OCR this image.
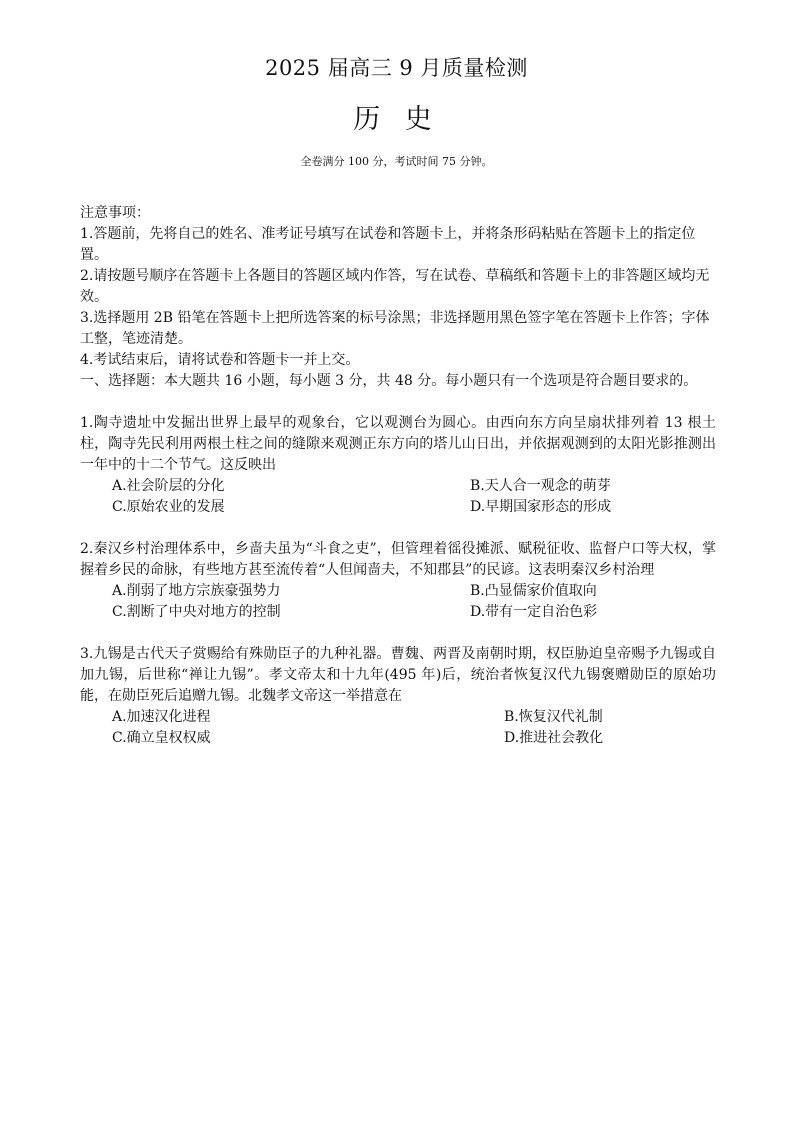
2025 届高三 9 月质量检测
历 史
全卷满分 100 分，考试时间 75 分钟。
注意事项：
1.答题前，先将自己的姓名、准考证号填写在试卷和答题卡上，并将条形码粘贴在答题卡上的指定位置。
2.请按题号顺序在答题卡上各题目的答题区域内作答，写在试卷、草稿纸和答题卡上的非答题区域均无效。
3.选择题用 2B 铅笔在答题卡上把所选答案的标号涂黑；非选择题用黑色签字笔在答题卡上作答；字体工整，笔迹清楚。
4.考试结束后，请将试卷和答题卡一并上交。
一、选择题：本大题共 16 小题，每小题 3 分，共 48 分。每小题只有一个选项是符合题目要求的。
1.陶寺遗址中发掘出世界上最早的观象台，它以观测台为圆心。由西向东方向呈扇状排列着 13 根土柱，陶寺先民利用两根土柱之间的缝隙来观测正东方向的塔儿山日出，并依据观测到的太阳光影推测出一年中的十二个节气。这反映出
A.社会阶层的分化	B.天人合一观念的萌芽
C.原始农业的发展	D.早期国家形态的形成
2.秦汉乡村治理体系中，乡啬夫虽为“斗食之吏”，但管理着徭役摊派、赋税征收、监督户口等大权，掌握着乡民的命脉，有些地方甚至流传着“人但闻啬夫，不知郡县”的民谚。这表明秦汉乡村治理
A.削弱了地方宗族豪强势力	B.凸显儒家价值取向
C.割断了中央对地方的控制	D.带有一定自治色彩
3.九锡是古代天子赏赐给有殊勋臣子的九种礼器。曹魏、两晋及南朝时期，权臣胁迫皇帝赐予九锡或自加九锡，后世称“禅让九锡”。孝文帝太和十九年(495 年)后，统治者恢复汉代九锡褒赠勋臣的原始功能，在勋臣死后追赠九锡。北魏孝文帝这一举措意在
A.加速汉化进程	B.恢复汉代礼制
C.确立皇权权威	D.推进社会教化
